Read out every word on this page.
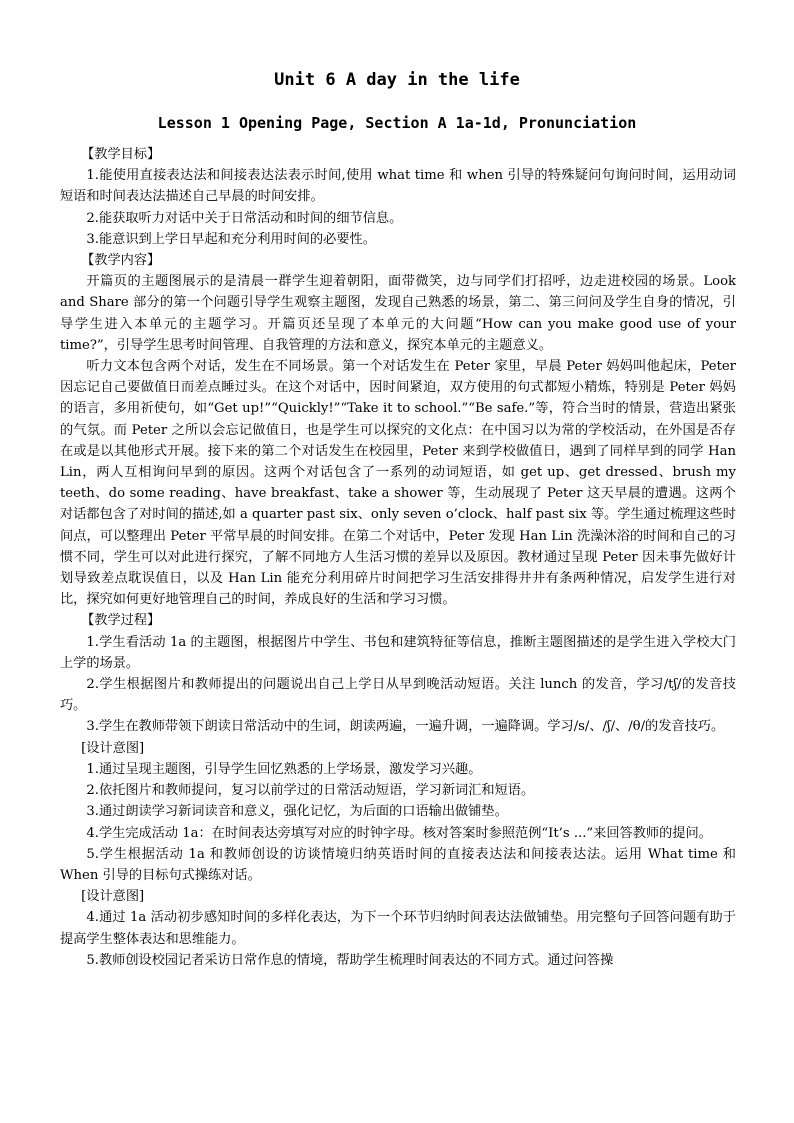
Unit 6 A day in the life
Lesson 1 Opening Page, Section A 1a-1d, Pronunciation

【教学目标】

1.能使用直接表达法和间接表达法表示时间,使用 what time 和 when 引导的特殊疑问句询问时间，运用动词短语和时间表达法描述自己早晨的时间安排。

2.能获取听力对话中关于日常活动和时间的细节信息。

3.能意识到上学日早起和充分利用时间的必要性。

【教学内容】

开篇页的主题图展示的是清晨一群学生迎着朝阳，面带微笑，边与同学们打招呼，边走进校园的场景。Look and Share 部分的第一个问题引导学生观察主题图，发现自己熟悉的场景，第二、第三问问及学生自身的情况，引导学生进入本单元的主题学习。开篇页还呈现了本单元的大问题“How can you make good use of your time?”，引导学生思考时间管理、自我管理的方法和意义，探究本单元的主题意义。

听力文本包含两个对话，发生在不同场景。第一个对话发生在 Peter 家里，早晨 Peter 妈妈叫他起床，Peter 因忘记自己要做值日而差点睡过头。在这个对话中，因时间紧迫，双方使用的句式都短小精炼，特别是 Peter 妈妈的语言，多用祈使句，如“Get up!”“Quickly!”“Take it to school.”“Be safe.”等，符合当时的情景，营造出紧张的气氛。而 Peter 之所以会忘记做值日，也是学生可以探究的文化点：在中国习以为常的学校活动，在外国是否存在或是以其他形式开展。接下来的第二个对话发生在校园里，Peter 来到学校做值日，遇到了同样早到的同学 Han Lin，两人互相询问早到的原因。这两个对话包含了一系列的动词短语，如 get up、get dressed、brush my teeth、do some reading、have breakfast、take a shower 等，生动展现了 Peter 这天早晨的遭遇。这两个对话都包含了对时间的描述,如 a quarter past six、only seven o’clock、half past six 等。学生通过梳理这些时间点，可以整理出 Peter 平常早晨的时间安排。在第二个对话中，Peter 发现 Han Lin 洗澡沐浴的时间和自己的习惯不同，学生可以对此进行探究，了解不同地方人生活习惯的差异以及原因。教材通过呈现 Peter 因未事先做好计划导致差点耽误值日，以及 Han Lin 能充分利用碎片时间把学习生活安排得井井有条两种情况，启发学生进行对比，探究如何更好地管理自己的时间，养成良好的生活和学习习惯。

【教学过程】

1.学生看活动 1a 的主题图，根据图片中学生、书包和建筑特征等信息，推断主题图描述的是学生进入学校大门上学的场景。

2.学生根据图片和教师提出的问题说出自己上学日从早到晚活动短语。关注 lunch 的发音，学习/tʃ/的发音技巧。

3.学生在教师带领下朗读日常活动中的生词，朗读两遍，一遍升调，一遍降调。学习/s/、/ʃ/、/θ/的发音技巧。

[设计意图]

1.通过呈现主题图，引导学生回忆熟悉的上学场景，激发学习兴趣。

2.依托图片和教师提问，复习以前学过的日常活动短语，学习新词汇和短语。

3.通过朗读学习新词读音和意义，强化记忆，为后面的口语输出做铺垫。

4.学生完成活动 1a：在时间表达旁填写对应的时钟字母。核对答案时参照范例“It’s ...”来回答教师的提问。

5.学生根据活动 1a 和教师创设的访谈情境归纳英语时间的直接表达法和间接表达法。运用 What time 和 When 引导的目标句式操练对话。

[设计意图]

4.通过 1a 活动初步感知时间的多样化表达，为下一个环节归纳时间表达法做铺垫。用完整句子回答问题有助于提高学生整体表达和思维能力。

5.教师创设校园记者采访日常作息的情境，帮助学生梳理时间表达的不同方式。通过问答操
